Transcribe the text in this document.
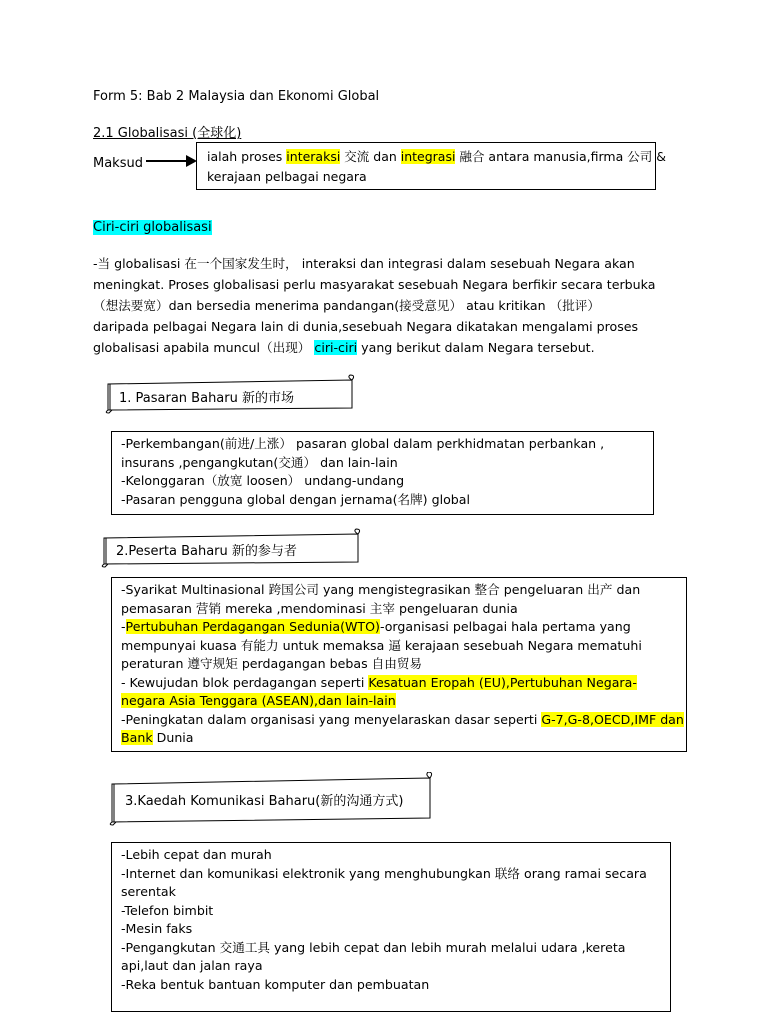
Form 5: Bab 2 Malaysia dan Ekonomi Global
2.1 Globalisasi (全球化)
Maksud	ialah proses interaksi 交流 dan integrasi 融合 antara manusia,firma 公司 &
kerajaan pelbagai negara
Ciri-ciri globalisasi
-当 globalisasi 在一个国家发生时， interaksi dan integrasi dalam sesebuah Negara akan
meningkat. Proses globalisasi perlu masyarakat sesebuah Negara berfikir secara terbuka
（想法要宽）dan bersedia menerima pandangan(接受意见） atau kritikan （批评）
daripada pelbagai Negara lain di dunia,sesebuah Negara dikatakan mengalami proses
globalisasi apabila muncul（出现） ciri-ciri yang berikut dalam Negara tersebut.
1. Pasaran Baharu 新的市场
-Perkembangan(前进/上涨） pasaran global dalam perkhidmatan perbankan ,
insurans ,pengangkutan(交通） dan lain-lain
-Kelonggaran（放宽 loosen） undang-undang
-Pasaran pengguna global dengan jernama(名牌) global
2.Peserta Baharu 新的参与者
-Syarikat Multinasional 跨国公司 yang mengistegrasikan 整合 pengeluaran 出产 dan
pemasaran 营销 mereka ,mendominasi 主宰 pengeluaran dunia
-Pertubuhan Perdagangan Sedunia(WTO)-organisasi pelbagai hala pertama yang
mempunyai kuasa 有能力 untuk memaksa 逼 kerajaan sesebuah Negara mematuhi
peraturan 遵守规矩 perdagangan bebas 自由贸易
- Kewujudan blok perdagangan seperti Kesatuan Eropah (EU),Pertubuhan Negara-
negara Asia Tenggara (ASEAN),dan lain-lain
-Peningkatan dalam organisasi yang menyelaraskan dasar seperti G-7,G-8,OECD,IMF dan
Bank Dunia
3.Kaedah Komunikasi Baharu(新的沟通方式)
-Lebih cepat dan murah
-Internet dan komunikasi elektronik yang menghubungkan 联络 orang ramai secara
serentak
-Telefon bimbit
-Mesin faks
-Pengangkutan 交通工具 yang lebih cepat dan lebih murah melalui udara ,kereta
api,laut dan jalan raya
-Reka bentuk bantuan komputer dan pembuatan
